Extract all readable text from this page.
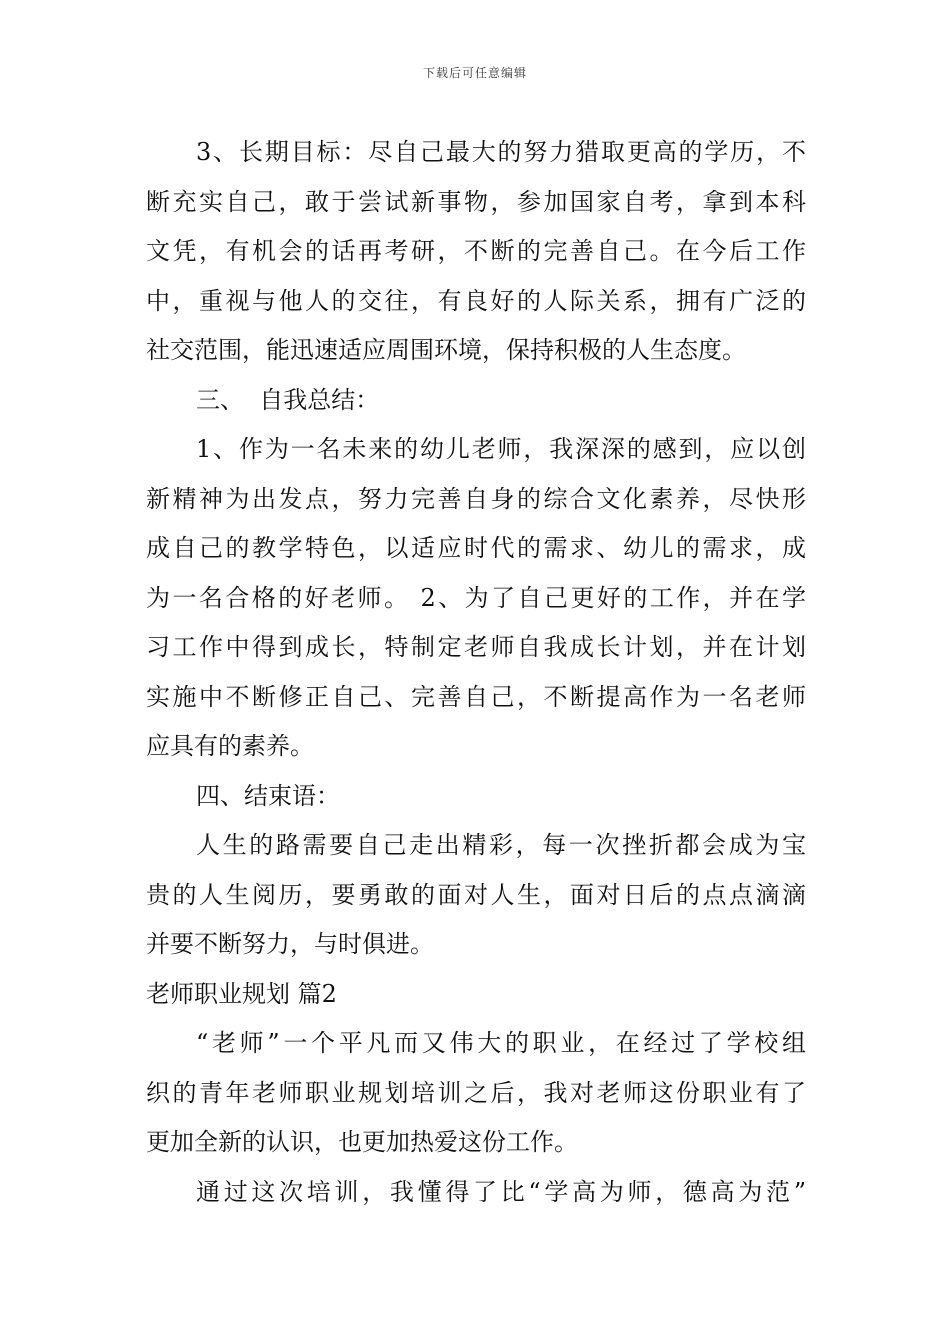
下载后可任意编辑
3、长期目标：尽自己最大的努力猎取更高的学历，不
断充实自己，敢于尝试新事物，参加国家自考，拿到本科
文凭，有机会的话再考研，不断的完善自己。在今后工作
中，重视与他人的交往，有良好的人际关系，拥有广泛的
社交范围，能迅速适应周围环境，保持积极的人生态度。
三、  自我总结：
1、作为一名未来的幼儿老师，我深深的感到，应以创
新精神为出发点，努力完善自身的综合文化素养，尽快形
成自己的教学特色，以适应时代的需求、幼儿的需求，成
为一名合格的好老师。 2、为了自己更好的工作，并在学
习工作中得到成长，特制定老师自我成长计划，并在计划
实施中不断修正自己、完善自己，不断提高作为一名老师
应具有的素养。
四、结束语：
人生的路需要自己走出精彩，每一次挫折都会成为宝
贵的人生阅历，要勇敢的面对人生，面对日后的点点滴滴
并要不断努力，与时俱进。
老师职业规划 篇2
“老师”一个平凡而又伟大的职业，在经过了学校组
织的青年老师职业规划培训之后，我对老师这份职业有了
更加全新的认识，也更加热爱这份工作。
通过这次培训，我懂得了比“学高为师，德高为范”
